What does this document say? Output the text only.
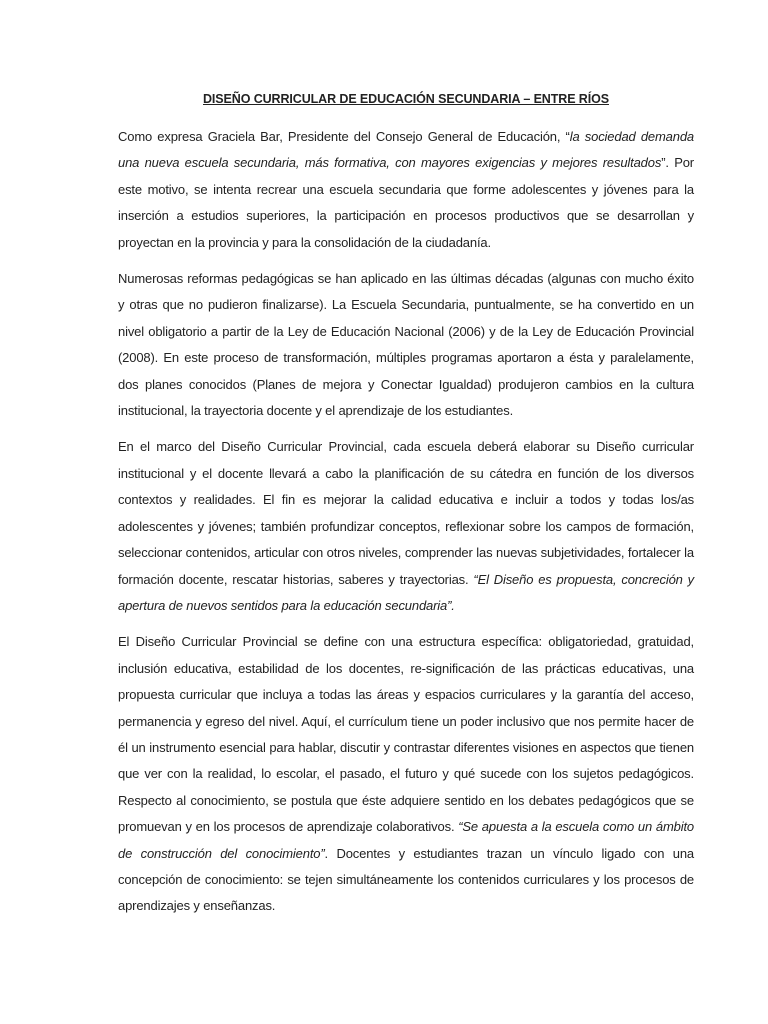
DISEÑO CURRICULAR DE EDUCACIÓN SECUNDARIA – ENTRE RÍOS

Como expresa Graciela Bar, Presidente del Consejo General de Educación, “la sociedad demanda una nueva escuela secundaria, más formativa, con mayores exigencias y mejores resultados”. Por este motivo, se intenta recrear una escuela secundaria que forme adolescentes y jóvenes para la inserción a estudios superiores, la participación en procesos productivos que se desarrollan y proyectan en la provincia y para la consolidación de la ciudadanía.

Numerosas reformas pedagógicas se han aplicado en las últimas décadas (algunas con mucho éxito y otras que no pudieron finalizarse). La Escuela Secundaria, puntualmente, se ha convertido en un nivel obligatorio a partir de la Ley de Educación Nacional (2006) y de la Ley de Educación Provincial (2008). En este proceso de transformación, múltiples programas aportaron a ésta y paralelamente, dos planes conocidos (Planes de mejora y Conectar Igualdad) produjeron cambios en la cultura institucional, la trayectoria docente y el aprendizaje de los estudiantes.

En el marco del Diseño Curricular Provincial, cada escuela deberá elaborar su Diseño curricular institucional y el docente llevará a cabo la planificación de su cátedra en función de los diversos contextos y realidades. El fin es mejorar la calidad educativa e incluir a todos y todas los/as adolescentes y jóvenes; también profundizar conceptos, reflexionar sobre los campos de formación, seleccionar contenidos, articular con otros niveles, comprender las nuevas subjetividades, fortalecer la formación docente, rescatar historias, saberes y trayectorias. “El Diseño es propuesta, concreción y apertura de nuevos sentidos para la educación secundaria”.

El Diseño Curricular Provincial se define con una estructura específica: obligatoriedad, gratuidad, inclusión educativa, estabilidad de los docentes, re-significación de las prácticas educativas, una propuesta curricular que incluya a todas las áreas y espacios curriculares y la garantía del acceso, permanencia y egreso del nivel. Aquí, el currículum tiene un poder inclusivo que nos permite hacer de él un instrumento esencial para hablar, discutir y contrastar diferentes visiones en aspectos que tienen que ver con la realidad, lo escolar, el pasado, el futuro y qué sucede con los sujetos pedagógicos. Respecto al conocimiento, se postula que éste adquiere sentido en los debates pedagógicos que se promuevan y en los procesos de aprendizaje colaborativos. “Se apuesta a la escuela como un ámbito de construcción del conocimiento”. Docentes y estudiantes trazan un vínculo ligado con una concepción de conocimiento: se tejen simultáneamente los contenidos curriculares y los procesos de aprendizajes y enseñanzas.
